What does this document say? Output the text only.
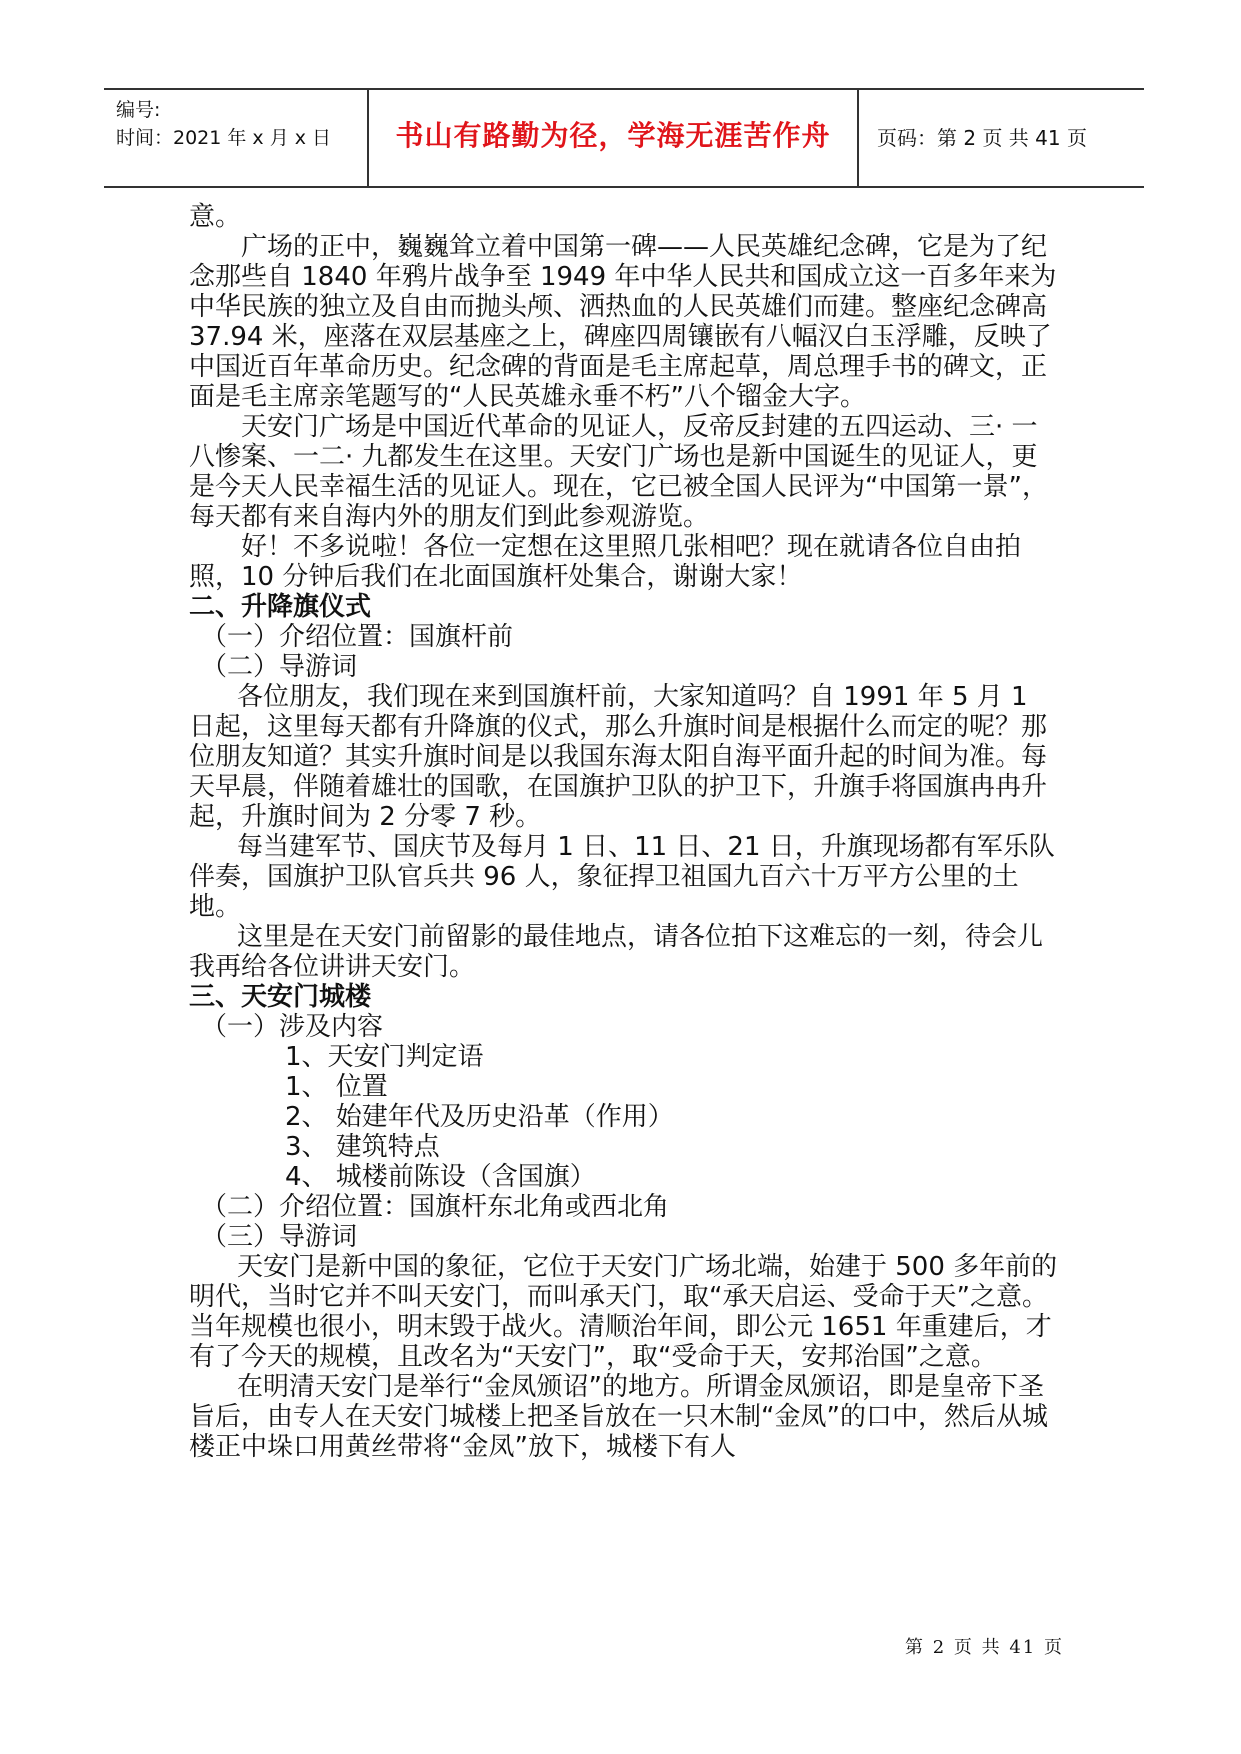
编号:
时间：2021 年 x 月 x 日	书山有路勤为径，学海无涯苦作舟	页码：第 2 页 共 41 页

意。

广场的正中，巍巍耸立着中国第一碑——人民英雄纪念碑，它是为了纪念那些自 1840 年鸦片战争至 1949 年中华人民共和国成立这一百多年来为中华民族的独立及自由而抛头颅、洒热血的人民英雄们而建。整座纪念碑高 37.94 米，座落在双层基座之上，碑座四周镶嵌有八幅汉白玉浮雕，反映了中国近百年革命历史。纪念碑的背面是毛主席起草，周总理手书的碑文，正面是毛主席亲笔题写的“人民英雄永垂不朽”八个镏金大字。

天安门广场是中国近代革命的见证人，反帝反封建的五四运动、三· 一八惨案、一二· 九都发生在这里。天安门广场也是新中国诞生的见证人，更是今天人民幸福生活的见证人。现在，它已被全国人民评为“中国第一景”，每天都有来自海内外的朋友们到此参观游览。

好！不多说啦！各位一定想在这里照几张相吧？现在就请各位自由拍照，10 分钟后我们在北面国旗杆处集合，谢谢大家！

二、升降旗仪式

（一）介绍位置：国旗杆前

（二）导游词

各位朋友，我们现在来到国旗杆前，大家知道吗？自 1991 年 5 月 1 日起，这里每天都有升降旗的仪式，那么升旗时间是根据什么而定的呢？那位朋友知道？其实升旗时间是以我国东海太阳自海平面升起的时间为准。每天早晨，伴随着雄壮的国歌，在国旗护卫队的护卫下，升旗手将国旗冉冉升起，升旗时间为 2 分零 7 秒。

每当建军节、国庆节及每月 1 日、11 日、21 日，升旗现场都有军乐队伴奏，国旗护卫队官兵共 96 人，象征捍卫祖国九百六十万平方公里的土地。

这里是在天安门前留影的最佳地点，请各位拍下这难忘的一刻，待会儿我再给各位讲讲天安门。

三、天安门城楼

（一）涉及内容

1、天安门判定语

1、 位置

2、 始建年代及历史沿革（作用）

3、 建筑特点

4、 城楼前陈设（含国旗）

（二）介绍位置：国旗杆东北角或西北角

（三）导游词

天安门是新中国的象征，它位于天安门广场北端，始建于 500 多年前的明代，当时它并不叫天安门，而叫承天门，取“承天启运、受命于天”之意。当年规模也很小，明末毁于战火。清顺治年间，即公元 1651 年重建后，才有了今天的规模，且改名为“天安门”，取“受命于天，安邦治国”之意。

在明清天安门是举行“金凤颁诏”的地方。所谓金凤颁诏，即是皇帝下圣旨后，由专人在天安门城楼上把圣旨放在一只木制“金凤”的口中，然后从城楼正中垛口用黄丝带将“金凤”放下，城楼下有人

第 2 页 共 41 页
